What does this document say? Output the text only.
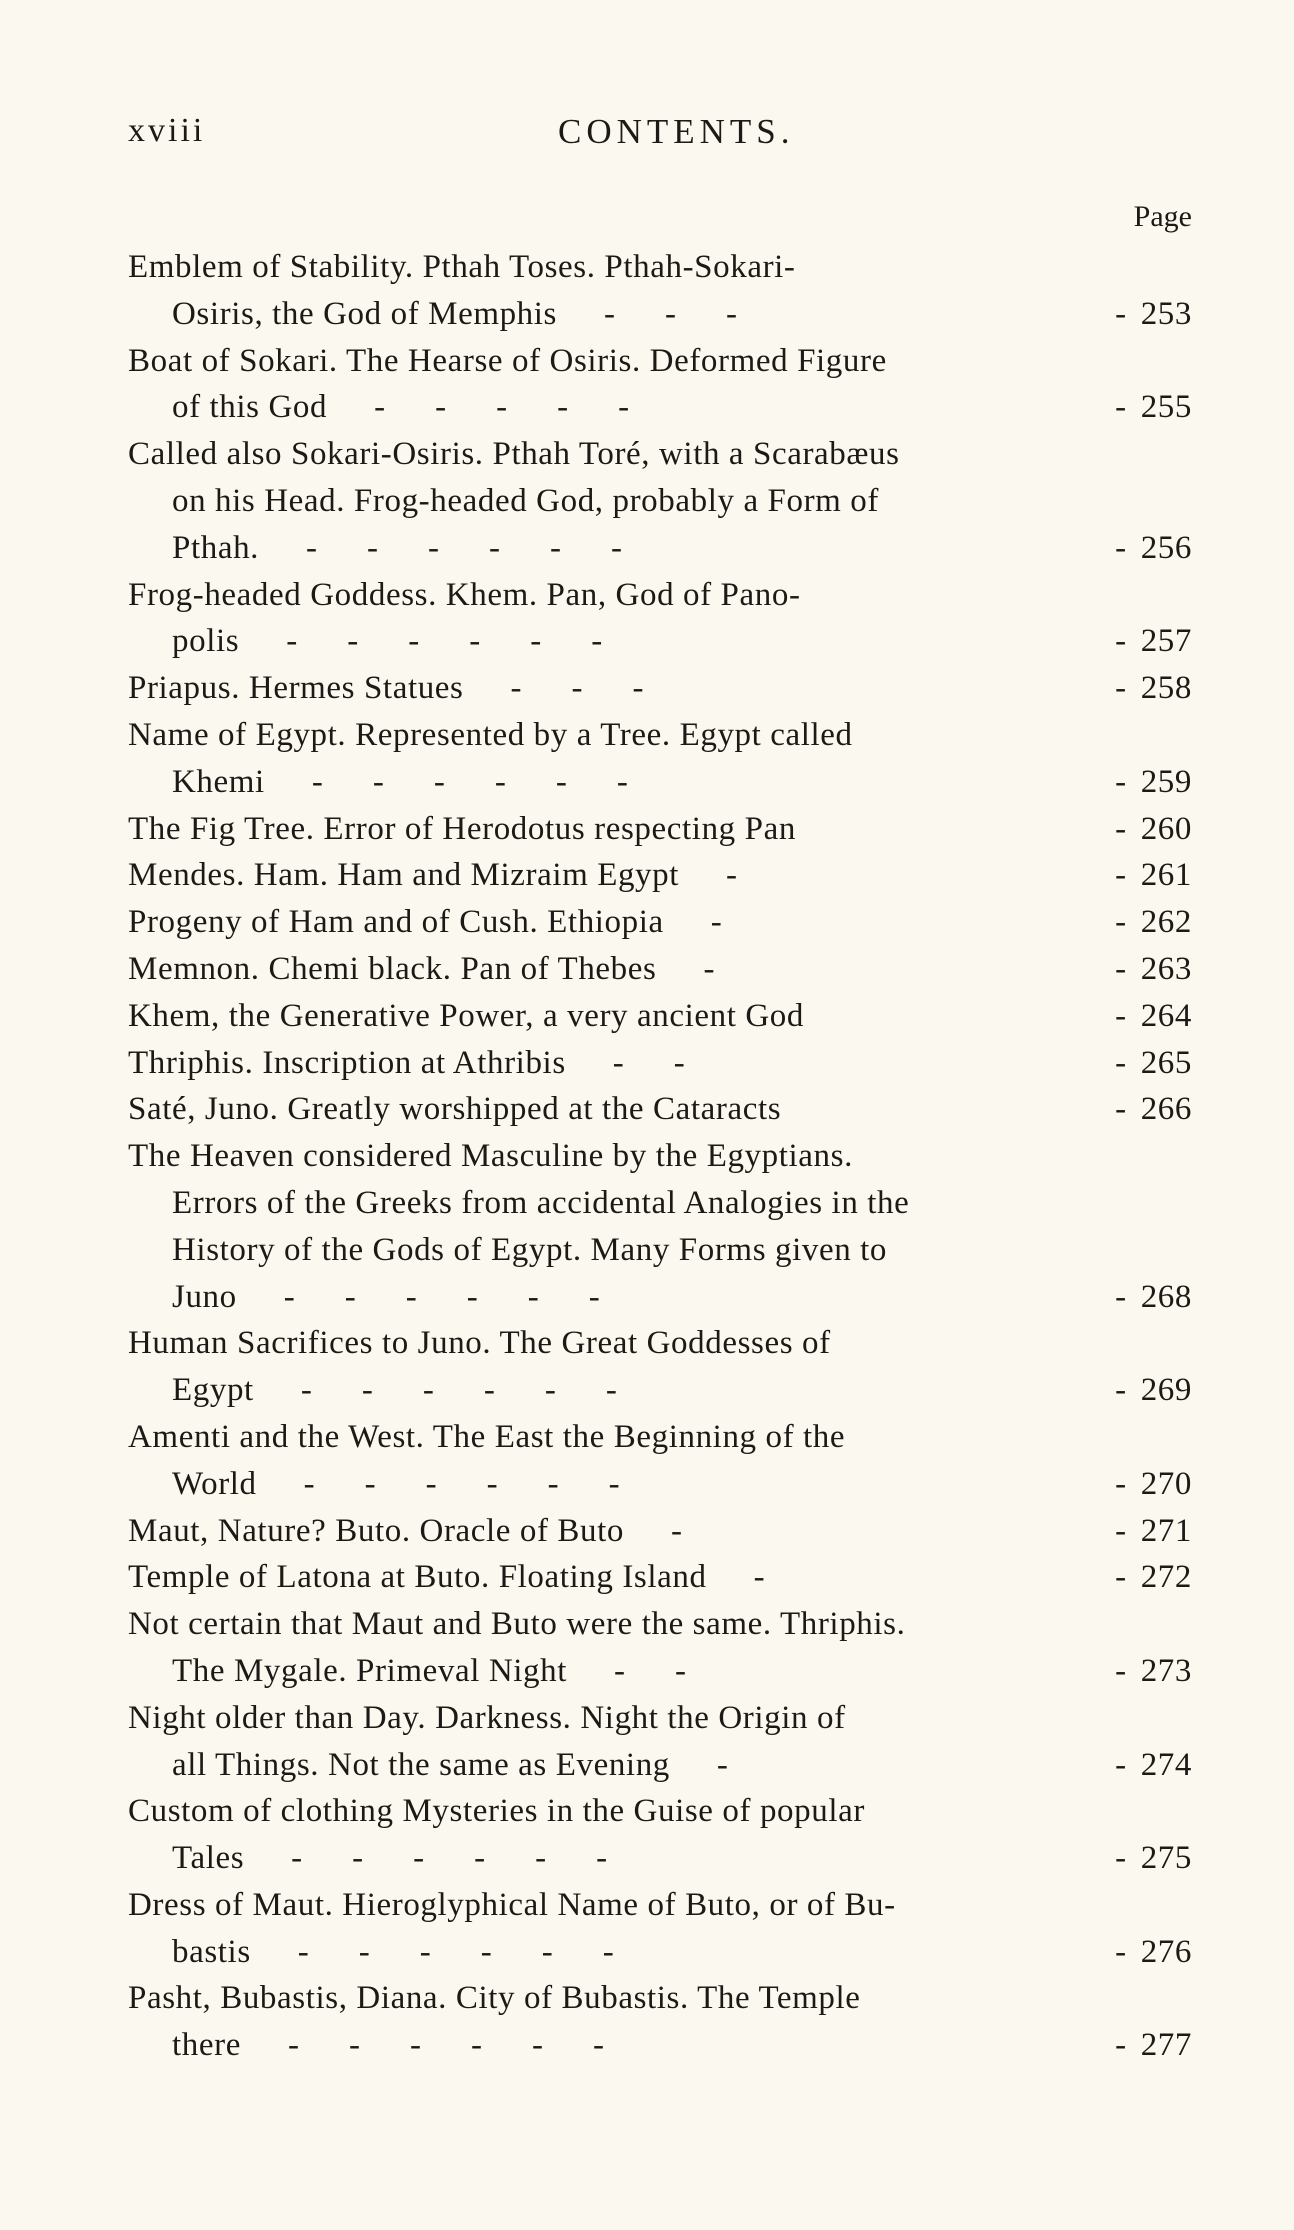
xviii	CONTENTS.
Page
Emblem of Stability. Pthah Toses. Pthah-Sokari-
Osiris, the God of Memphis - - -	- 253
Boat of Sokari. The Hearse of Osiris. Deformed Figure
of this God - - - - -	- 255
Called also Sokari-Osiris. Pthah Toré, with a Scarabæus
on his Head. Frog-headed God, probably a Form of
Pthah. - - - - - -	- 256
Frog-headed Goddess. Khem. Pan, God of Pano-
polis - - - - - -	- 257
Priapus. Hermes Statues - - -	- 258
Name of Egypt. Represented by a Tree. Egypt called
Khemi - - - - - -	- 259
The Fig Tree. Error of Herodotus respecting Pan	- 260
Mendes. Ham. Ham and Mizraim Egypt -	- 261
Progeny of Ham and of Cush. Ethiopia -	- 262
Memnon. Chemi black. Pan of Thebes -	- 263
Khem, the Generative Power, a very ancient God	- 264
Thriphis. Inscription at Athribis - -	- 265
Saté, Juno. Greatly worshipped at the Cataracts	- 266
The Heaven considered Masculine by the Egyptians.
Errors of the Greeks from accidental Analogies in the
History of the Gods of Egypt. Many Forms given to
Juno - - - - - -	- 268
Human Sacrifices to Juno. The Great Goddesses of
Egypt - - - - - -	- 269
Amenti and the West. The East the Beginning of the
World - - - - - -	- 270
Maut, Nature? Buto. Oracle of Buto -	- 271
Temple of Latona at Buto. Floating Island -	- 272
Not certain that Maut and Buto were the same. Thriphis.
The Mygale. Primeval Night - -	- 273
Night older than Day. Darkness. Night the Origin of
all Things. Not the same as Evening -	- 274
Custom of clothing Mysteries in the Guise of popular
Tales - - - - - -	- 275
Dress of Maut. Hieroglyphical Name of Buto, or of Bu-
bastis - - - - - -	- 276
Pasht, Bubastis, Diana. City of Bubastis. The Temple
there - - - - - -	- 277
